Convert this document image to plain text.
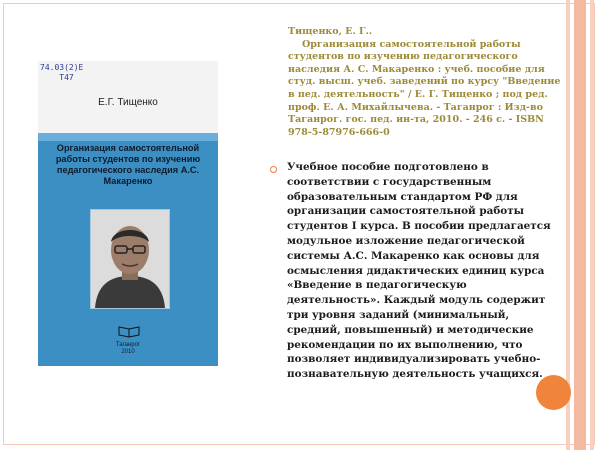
74.03(2)Е
Т47
Е.Г. Тищенко
Организация самостоятельной работы студентов по изучению педагогического наследия А.С. Макаренко
Таганрог
2010
Тищенко, Е. Г..
Организация самостоятельной работы студентов по изучению педагогического наследия А. С. Макаренко : учеб. пособие для студ. высш. учеб. заведений по курсу "Введение в пед. деятельность" / Е. Г. Тищенко ; под ред. проф. Е. А. Михайлычева. - Таганрог : Изд-во Таганрог. гос. пед. ин-та, 2010. - 246 с. - ISBN 978-5-87976-666-0
Учебное пособие подготовлено в соответствии с государственным образовательным стандартом РФ для организации самостоятельной работы студентов I курса. В пособии предлагается модульное изложение педагогической системы А.С. Макаренко как основы для осмысления дидактических единиц курса «Введение в педагогическую деятельность». Каждый модуль содержит три уровня заданий (минимальный, средний, повышенный) и методические рекомендации по их выполнению, что позволяет индивидуализировать учебно-познавательную деятельность учащихся.
